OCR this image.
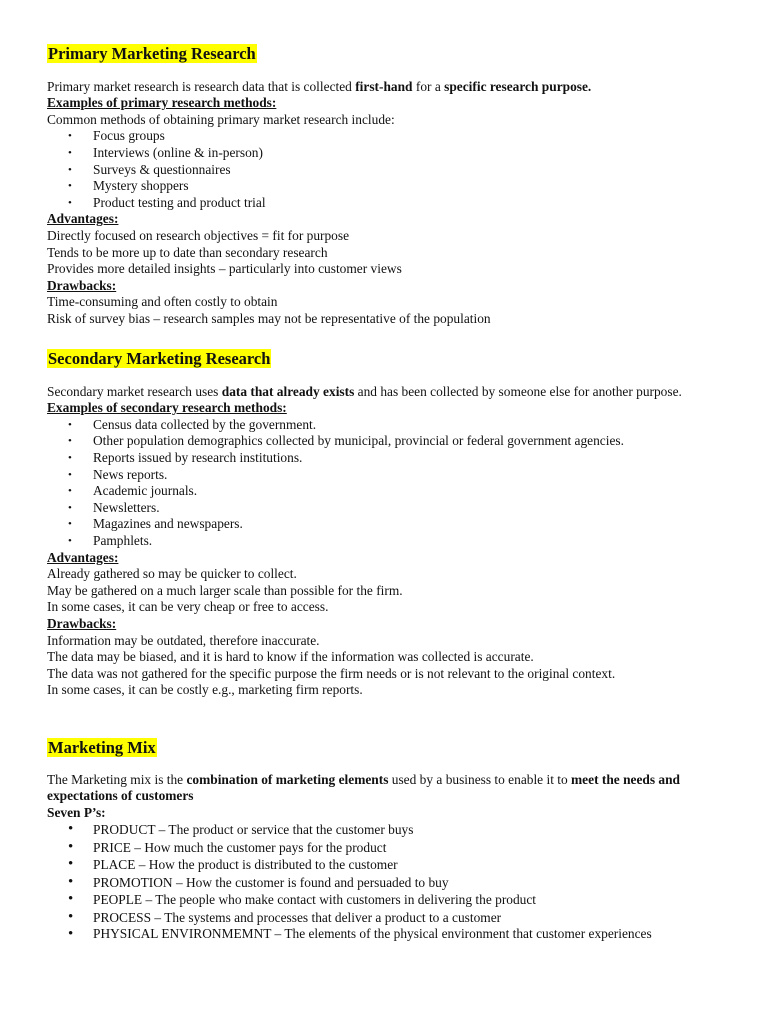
Primary Marketing Research

Primary market research is research data that is collected first-hand for a specific research purpose.

Examples of primary research methods:

Common methods of obtaining primary market research include:

• Focus groups
• Interviews (online & in-person)
• Surveys & questionnaires
• Mystery shoppers
• Product testing and product trial

Advantages:

Directly focused on research objectives = fit for purpose

Tends to be more up to date than secondary research

Provides more detailed insights – particularly into customer views

Drawbacks:

Time-consuming and often costly to obtain

Risk of survey bias – research samples may not be representative of the population

Secondary Marketing Research

Secondary market research uses data that already exists and has been collected by someone else for another purpose.

Examples of secondary research methods:

• Census data collected by the government.
• Other population demographics collected by municipal, provincial or federal government agencies.
• Reports issued by research institutions.
• News reports.
• Academic journals.
• Newsletters.
• Magazines and newspapers.
• Pamphlets.

Advantages:

Already gathered so may be quicker to collect.

May be gathered on a much larger scale than possible for the firm.

In some cases, it can be very cheap or free to access.

Drawbacks:

Information may be outdated, therefore inaccurate.

The data may be biased, and it is hard to know if the information was collected is accurate.

The data was not gathered for the specific purpose the firm needs or is not relevant to the original context.

In some cases, it can be costly e.g., marketing firm reports.

Marketing Mix

The Marketing mix is the combination of marketing elements used by a business to enable it to meet the needs and expectations of customers

Seven P’s:

• PRODUCT – The product or service that the customer buys
• PRICE – How much the customer pays for the product
• PLACE – How the product is distributed to the customer
• PROMOTION – How the customer is found and persuaded to buy
• PEOPLE – The people who make contact with customers in delivering the product
• PROCESS – The systems and processes that deliver a product to a customer
• PHYSICAL ENVIRONMEMNT – The elements of the physical environment that customer experiences
